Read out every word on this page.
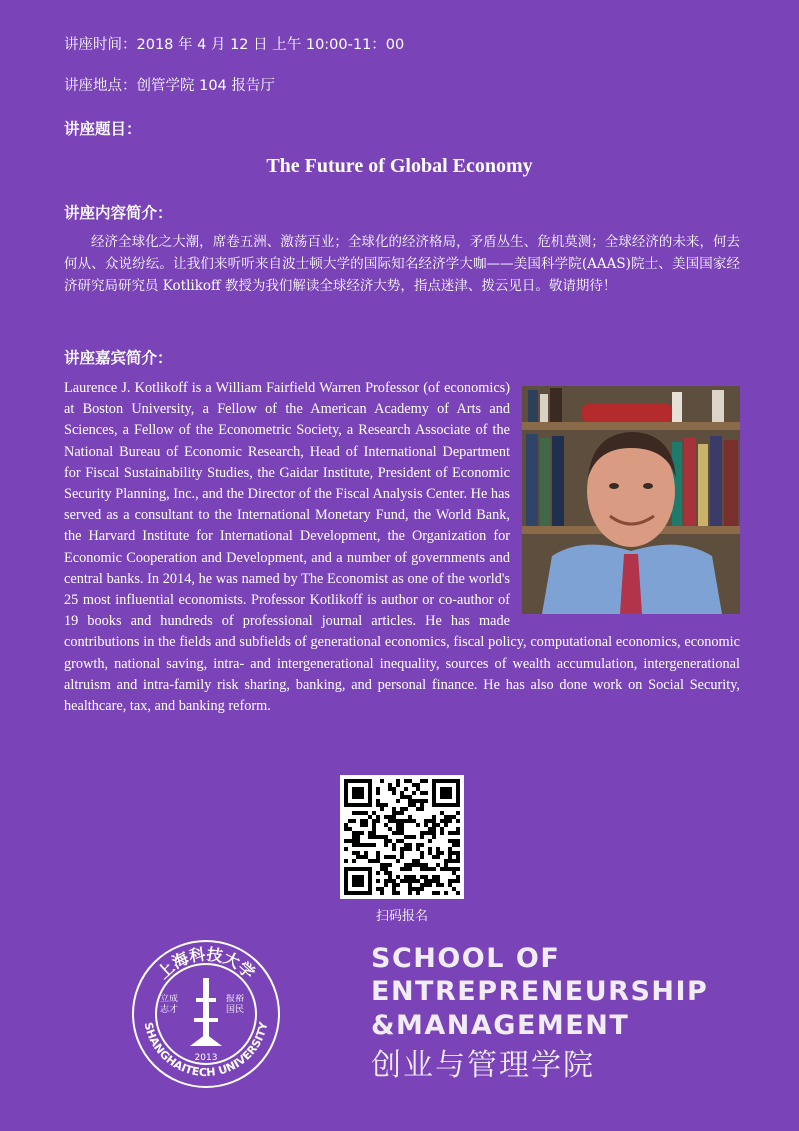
讲座时间：2018 年 4 月 12 日 上午 10:00-11：00
讲座地点：创管学院 104 报告厅
讲座题目：
The Future of Global Economy
讲座内容简介：

经济全球化之大潮，席卷五洲、激荡百业；全球化的经济格局，矛盾丛生、危机莫测；全球经济的未来，何去何从、众说纷纭。让我们来听听来自波士顿大学的国际知名经济学大咖——美国科学院(AAAS)院士、美国国家经济研究局研究员 Kotlikoff 教授为我们解读全球经济大势，指点迷津、拨云见日。敬请期待！

讲座嘉宾简介：
Laurence J. Kotlikoff is a William Fairfield Warren Professor (of economics) at Boston University, a Fellow of the American Academy of Arts and Sciences, a Fellow of the Econometric Society, a Research Associate of the National Bureau of Economic Research, Head of International Department for Fiscal Sustainability Studies, the Gaidar Institute, President of Economic Security Planning, Inc., and the Director of the Fiscal Analysis Center. He has served as a consultant to the International Monetary Fund, the World Bank, the Harvard Institute for International Development, the Organization for Economic Cooperation and Development, and a number of governments and central banks. In 2014, he was named by The Economist as one of the world's 25 most influential economists. Professor Kotlikoff is author or co-author of 19 books and hundreds of professional journal articles. He has made contributions in the fields and subfields of generational economics, fiscal policy, computational economics, economic growth, national saving, intra- and intergenerational inequality, sources of wealth accumulation, intergenerational altruism and intra-family risk sharing, banking, and personal finance. He has also done work on Social Security, healthcare, tax, and banking reform.
扫码报名
上海科技大学
SHANGHAITECH UNIVERSITY
立成志才
报裕国民
2013
SCHOOL OF
ENTREPRENEURSHIP
&MANAGEMENT
创业与管理学院
